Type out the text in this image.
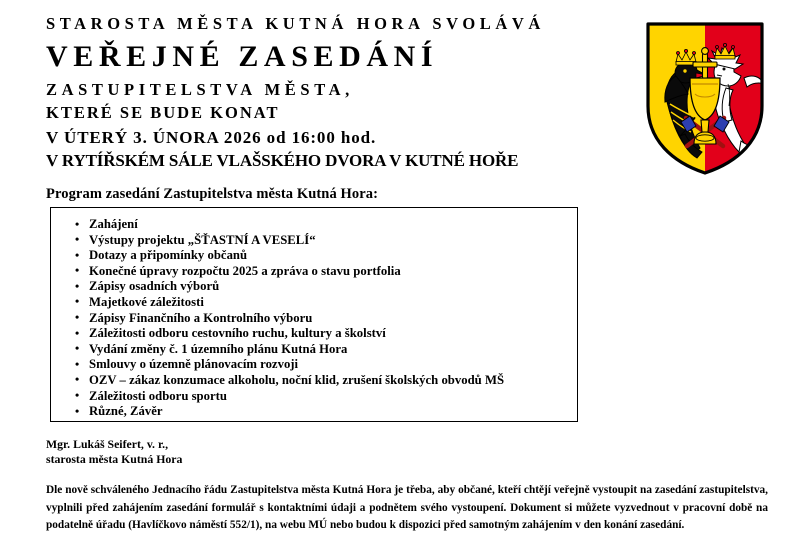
STAROSTA MĚSTA KUTNÁ HORA SVOLÁVÁ
VEŘEJNÉ ZASEDÁNÍ
ZASTUPITELSTVA MĚSTA,
KTERÉ SE BUDE KONAT
V ÚTERÝ 3. ÚNORA 2026 od 16:00 hod.
V RYTÍŘSKÉM SÁLE VLAŠSKÉHO DVORA V KUTNÉ HOŘE
Program zasedání Zastupitelstva města Kutná Hora:
• Zahájení
• Výstupy projektu „ŠŤASTNÍ A VESELÍ“
• Dotazy a připomínky občanů
• Konečné úpravy rozpočtu 2025 a zpráva o stavu portfolia
• Zápisy osadních výborů
• Majetkové záležitosti
• Zápisy Finančního a Kontrolního výboru
• Záležitosti odboru cestovního ruchu, kultury a školství
• Vydání změny č. 1 územního plánu Kutná Hora
• Smlouvy o územně plánovacím rozvoji
• OZV – zákaz konzumace alkoholu, noční klid, zrušení školských obvodů MŠ
• Záležitosti odboru sportu
• Různé, Závěr
Mgr. Lukáš Seifert, v. r.,
starosta města Kutná Hora
Dle nově schváleného Jednacího řádu Zastupitelstva města Kutná Hora je třeba, aby občané, kteří chtějí veřejně vystoupit na zasedání zastupitelstva, vyplnili před zahájením zasedání formulář s kontaktními údaji a podnětem svého vystoupení. Dokument si můžete vyzvednout v pracovní době na podatelně úřadu (Havlíčkovo náměstí 552/1), na webu MÚ nebo budou k dispozici před samotným zahájením v den konání zasedání.
